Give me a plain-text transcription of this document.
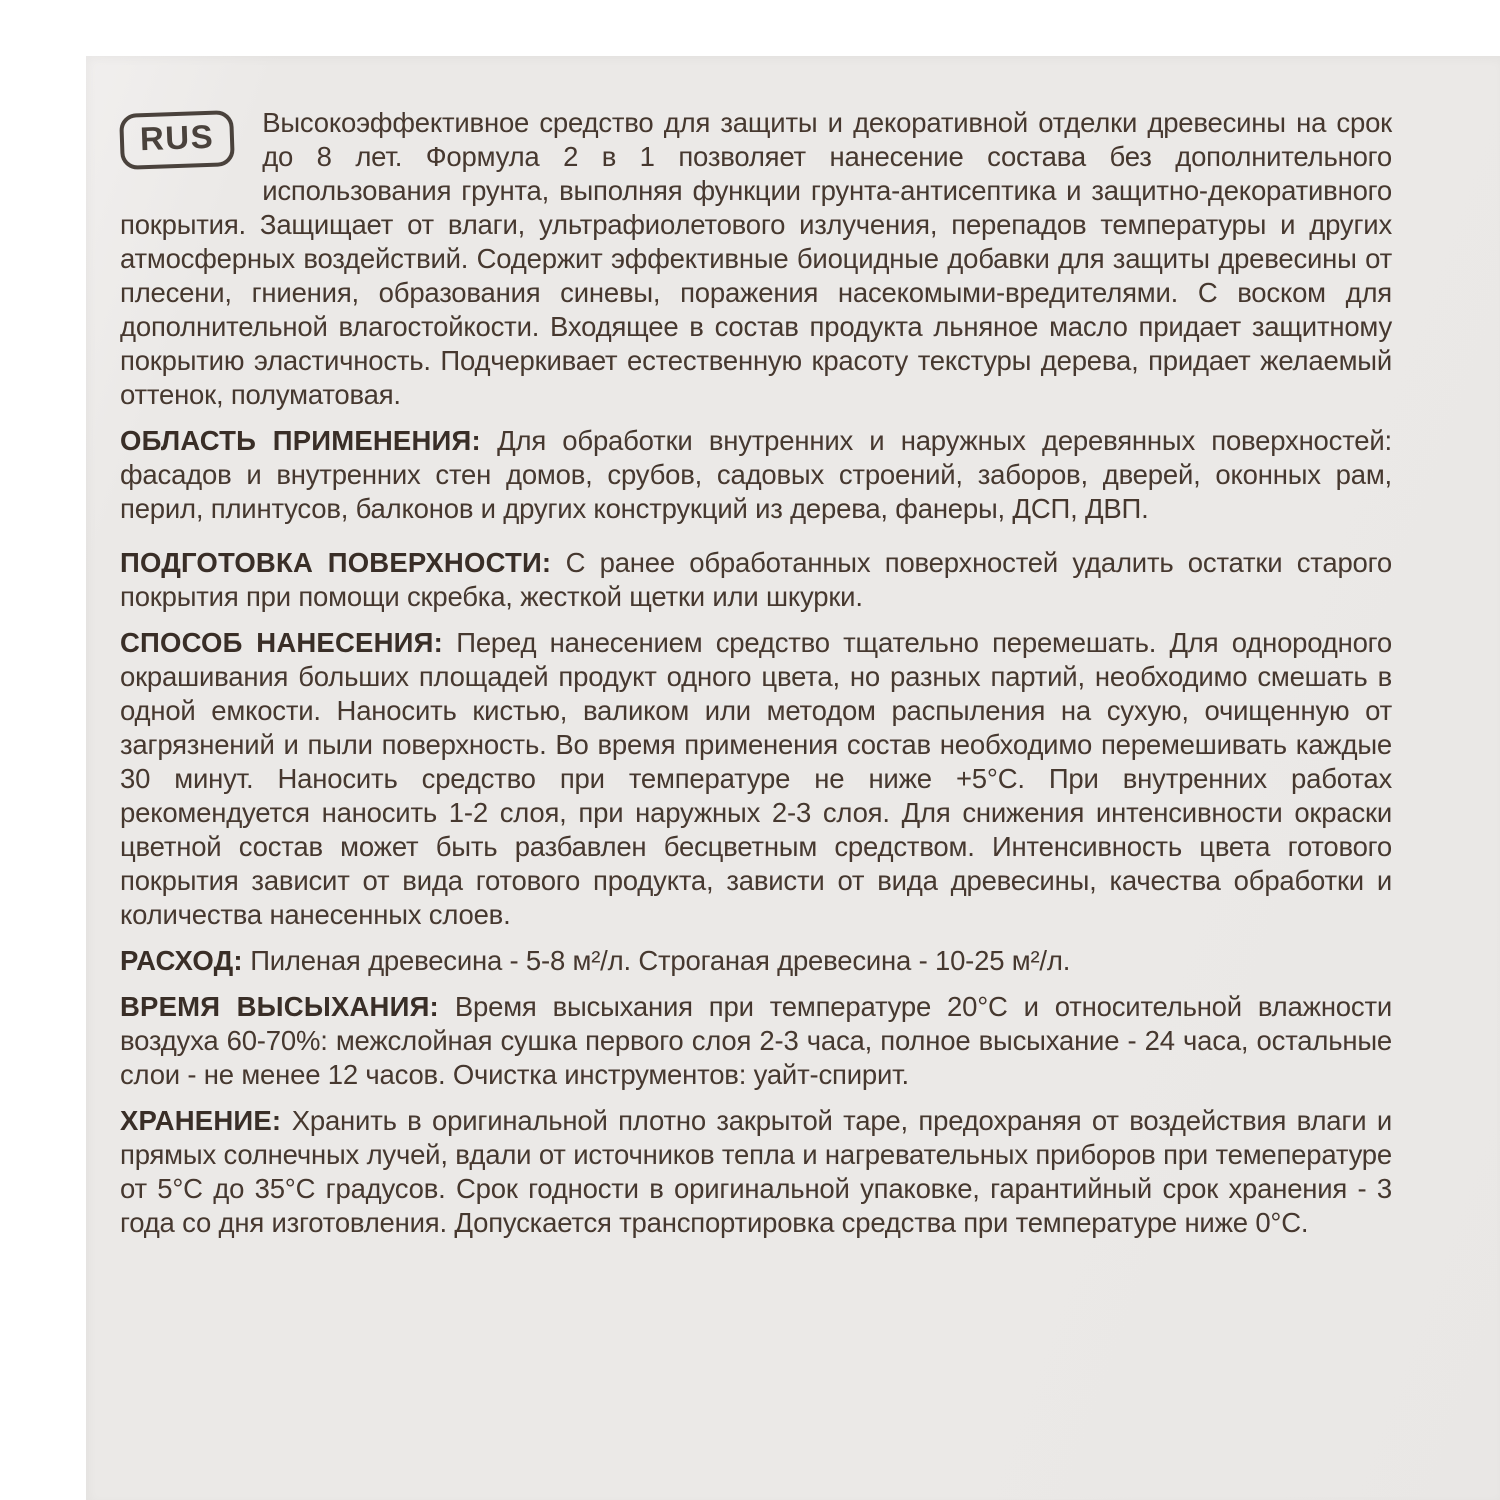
RUS	Высокоэффективное средство для защиты и декоративной отделки древесины на срок до 8 лет. Формула 2 в 1 позволяет нанесение состава без дополнительного использования грунта, выполняя функции грунта-антисептика и защитно-декоративного покрытия. Защищает от влаги, ультрафиолетового излучения, перепадов температуры и других атмосферных воздействий. Содержит эффективные биоцидные добавки для защиты древесины от плесени, гниения, образования синевы, поражения насекомыми-вредителями. С воском для дополнительной влагостойкости. Входящее в состав продукта льняное масло придает защитному покрытию эластичность. Подчеркивает естественную красоту текстуры дерева, придает желаемый оттенок, полуматовая.

ОБЛАСТЬ ПРИМЕНЕНИЯ: Для обработки внутренних и наружных деревянных поверхностей: фасадов и внутренних стен домов, срубов, садовых строений, заборов, дверей, оконных рам, перил, плинтусов, балконов и других конструкций из дерева, фанеры, ДСП, ДВП.

ПОДГОТОВКА ПОВЕРХНОСТИ: С ранее обработанных поверхностей удалить остатки старого покрытия при помощи скребка, жесткой щетки или шкурки.

СПОСОБ НАНЕСЕНИЯ: Перед нанесением средство тщательно перемешать. Для однородного окрашивания больших площадей продукт одного цвета, но разных партий, необходимо смешать в одной емкости. Наносить кистью, валиком или методом распыления на сухую, очищенную от загрязнений и пыли поверхность. Во время применения состав необходимо перемешивать каждые 30 минут. Наносить средство при температуре не ниже +5°С. При внутренних работах рекомендуется наносить 1-2 слоя, при наружных 2-3 слоя. Для снижения интенсивности окраски цветной состав может быть разбавлен бесцветным средством. Интенсивность цвета готового покрытия зависит от вида готового продукта, зависти от вида древесины, качества обработки и количества нанесенных слоев.

РАСХОД: Пиленая древесина - 5-8 м²/л. Строганая древесина - 10-25 м²/л.

ВРЕМЯ ВЫСЫХАНИЯ: Время высыхания при температуре 20°С и относительной влажности воздуха 60-70%: межслойная сушка первого слоя 2-3 часа, полное высыхание - 24 часа, остальные слои - не менее 12 часов. Очистка инструментов: уайт-спирит.

ХРАНЕНИЕ: Хранить в оригинальной плотно закрытой таре, предохраняя от воздействия влаги и прямых солнечных лучей, вдали от источников тепла и нагревательных приборов при темепературе от 5°С до 35°С градусов. Срок годности в оригинальной упаковке, гарантийный срок хранения - 3 года со дня изготовления. Допускается транспортировка средства при температуре ниже 0°С.
